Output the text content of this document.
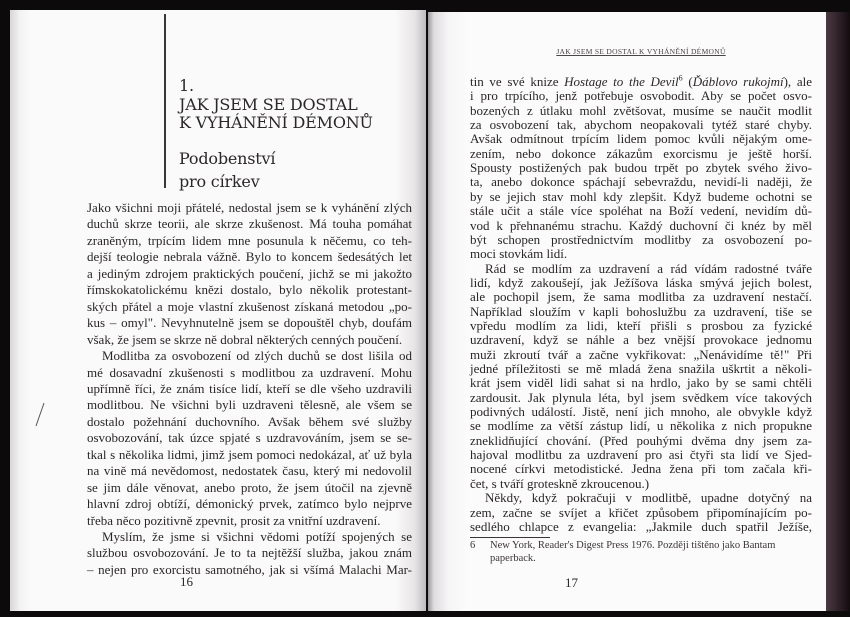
1.
JAK JSEM SE DOSTAL
K VYHÁNĚNÍ DÉMONŮ
Podobenství
pro církev
Jako všichni moji přátelé, nedostal jsem se k vyhánění zlých
duchů skrze teorii, ale skrze zkušenost. Má touha pomáhat
zraněným, trpícím lidem mne posunula k něčemu, co teh-
dejší teologie nebrala vážně. Bylo to koncem šedesátých let
a jediným zdrojem praktických poučení, jichž se mi jakožto
římskokatolickému knězi dostalo, bylo několik protestant-
ských přátel a moje vlastní zkušenost získaná metodou „po-
kus – omyl". Nevyhnutelně jsem se dopouštěl chyb, doufám
však, že jsem se skrze ně dobral některých cenných poučení.
Modlitba za osvobození od zlých duchů se dost lišila od
mé dosavadní zkušenosti s modlitbou za uzdravení. Mohu
upřímně říci, že znám tisíce lidí, kteří se dle všeho uzdravili
modlitbou. Ne všichni byli uzdraveni tělesně, ale všem se
dostalo požehnání duchovního. Avšak během své služby
osvobozování, tak úzce spjaté s uzdravováním, jsem se se-
tkal s několika lidmi, jimž jsem pomoci nedokázal, ať už byla
na vině má nevědomost, nedostatek času, který mi nedovolil
se jim dále věnovat, anebo proto, že jsem útočil na zjevně
hlavní zdroj obtíží, démonický prvek, zatímco bylo nejprve
třeba něco pozitivně zpevnit, prosit za vnitřní uzdravení.
Myslím, že jsme si všichni vědomi potíží spojených se
službou osvobozování. Je to ta nejtěžší služba, jakou znám
– nejen pro exorcistu samotného, jak si všímá Malachi Mar-
16
JAK JSEM SE DOSTAL K VYHÁNĚNÍ DÉMONŮ
tin ve své knize Hostage to the Devil$^6$ (Ďáblovo rukojmí), ale
i pro trpícího, jenž potřebuje osvobodit. Aby se počet osvo-
bozených z útlaku mohl zvětšovat, musíme se naučit modlit
za osvobození tak, abychom neopakovali tytéž staré chyby.
Avšak odmítnout trpícím lidem pomoc kvůli nějakým ome-
zením, nebo dokonce zákazům exorcismu je ještě horší.
Spousty postižených pak budou trpět po zbytek svého živo-
ta, anebo dokonce spáchají sebevraždu, nevidí-li naději, že
by se jejich stav mohl kdy zlepšit. Když budeme ochotni se
stále učit a stále více spoléhat na Boží vedení, nevidím dů-
vod k přehnanému strachu. Každý duchovní či knéz by měl
být schopen prostřednictvím modlitby za osvobození po-
moci stovkám lidí.
Rád se modlím za uzdravení a rád vídám radostné tváře
lidí, když zakoušejí, jak Ježíšova láska smývá jejich bolest,
ale pochopil jsem, že sama modlitba za uzdravení nestačí.
Například sloužím v kapli bohoslužbu za uzdravení, tiše se
vpředu modlím za lidi, kteří přišli s prosbou za fyzické
uzdravení, když se náhle a bez vnější provokace jednomu
muži zkroutí tvář a začne vykřikovat: „Nenávidíme tě!" Při
jedné příležitosti se mě mladá žena snažila uškrtit a několi-
krát jsem viděl lidi sahat si na hrdlo, jako by se sami chtěli
zardousit. Jak plynula léta, byl jsem svědkem více takových
podivných událostí. Jistě, není jich mnoho, ale obvykle když
se modlíme za větší zástup lidí, u několika z nich propukne
zneklidňující chování. (Před pouhými dvěma dny jsem za-
hajoval modlitbu za uzdravení pro asi čtyři sta lidí ve Sjed-
nocené církvi metodistické. Jedna žena při tom začala kři-
čet, s tváří groteskně zkroucenou.)
Někdy, když pokračuji v modlitbě, upadne dotyčný na
zem, začne se svíjet a křičet způsobem připomínajícím po-
sedlého chlapce z evangelia: „Jakmile duch spatřil Ježíše,
6 New York, Reader's Digest Press 1976. Později tištěno jako Bantam
paperback.
17
